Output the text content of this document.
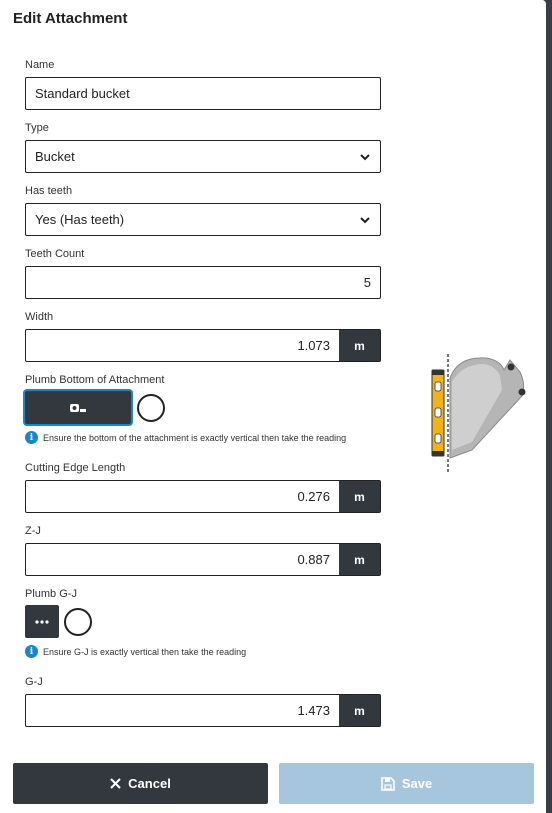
Edit Attachment
Name
Standard bucket
Type
Bucket
Has teeth
Yes (Has teeth)
Teeth Count
5
Width
1.073	m
Plumb Bottom of Attachment
i	Ensure the bottom of the attachment is exactly vertical then take the reading
Cutting Edge Length
0.276	m
Z-J
0.887	m
Plumb G-J
i	Ensure G-J is exactly vertical then take the reading
G-J
1.473	m
Cancel	Save
